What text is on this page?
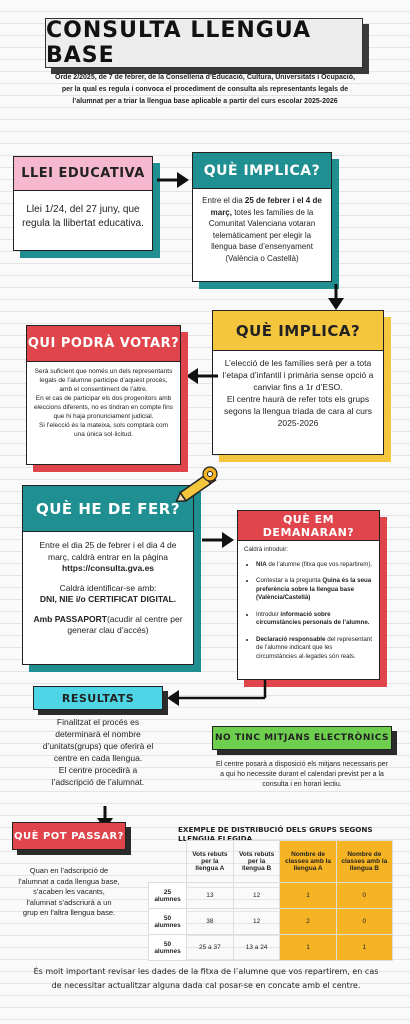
CONSULTA LLENGUA BASE
Orde 2/2025, de 7 de febrer, de la Conselleria d’Educació, Cultura, Universitats i Ocupació,
per la qual es regula i convoca el procediment de consulta als representants legals de
l’alumnat per a triar la llengua base aplicable a partir del curs escolar 2025-2026
LLEI EDUCATIVA
Llei 1/24, del 27 juny, que regula la llibertat educativa.
QUÈ IMPLICA?
Entre el dia 25 de febrer i el 4 de març, totes les famílies de la Comunitat Valenciana votaran telemàticament per elegir la llengua base d’ensenyament (València o Castellà)
QUÈ IMPLICA?
L’elecció de les famílies serà per a tota l’etapa d’infantil i primària sense opció a canviar fins a 1r d’ESO.
El centre haurà de refer tots els grups segons la llengua triada de cara al curs 2025-2026
QUI PODRÀ VOTAR?
Serà suficient que només un dels representants legals de l’alumne participe d’aquest procés, amb el consentiment de l’altre.
En el cas de participar els dos progenitors amb eleccions diferents, no es tindran en compte fins que hi haja pronunciament judicial.
Si l’elecció és la mateixa, sols comptarà com una única sol·licitud.
QUÈ HE DE FER?
Entre el dia 25 de febrer i el dia 4 de març, caldrà entrar en la pàgina
https://consulta.gva.es
Caldrà identificar-se amb:
DNI, NIE i/o CERTIFICAT DIGITAL.
Amb PASSAPORT(acudir al centre per generar clau d’accés)
QUÈ EM DEMANARAN?
Caldrà introduir:
• NIA de l’alumne (fitxa que vos repartirem).
• Contestar a la pregunta Quina és la seua preferència sobre la llengua base (València/Castellà)
• Introduir informació sobre circumstàncies personals de l’alumne.
• Declaració responsable del representant de l’alumne indicant que les circumstàncies al·legades són reals.
RESULTATS
Finalitzat el procés es determinarà el nombre d’unitats(grups) que oferirà el centre en cada llengua.
El centre procedirà a l’adscripció de l’alumnat.
NO TINC MITJANS ELECTRÒNICS
El centre posarà a disposició els mitjans necessaris per a qui ho necessite durant el calendari previst per a la consulta i en horari lectiu.
QUÈ POT PASSAR?
Quan en l’adscripció de l’alumnat a cada llengua base, s’acaben les vacants, l’alumnat s’adscriurà a un grup en l’altra llengua base.
EXEMPLE DE DISTRIBUCIÓ DELS GRUPS SEGONS LLENGUA ELEGIDA
	Vots rebuts per la llengua A	Vots rebuts per la llengua B	Nombre de classes amb la llengua A	Nombre de classes amb la llengua B
25 alumnes	13	12	1	0
50 alumnes	38	12	2	0
50 alumnes	25 a 37	13 a 24	1	1
És molt important revisar les dades de la fitxa de l’alumne que vos repartirem, en cas de necessitar actualitzar alguna dada cal posar-se en concate amb el centre.
